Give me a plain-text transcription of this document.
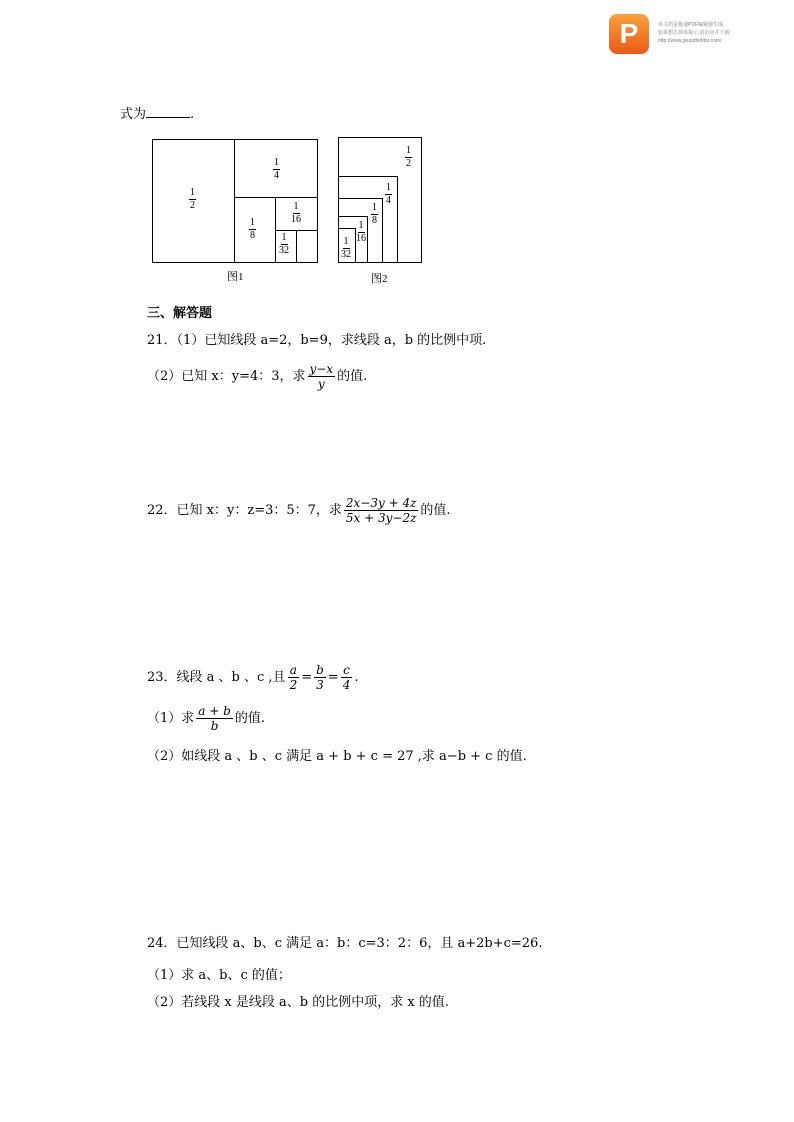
P	该文档是极速PDF编辑器生成,
如果想去掉该提示,请访问并下载:
http://www.jisupdfeditor.com/
式为	.
1
2
1
4
1
8
1
16
1
32
图1
1
2
1
4
1
8
1
16
1
32
图2
三、解答题
21．（1）已知线段 a=2，b=9，求线段 a，b 的比例中项.
（2）已知 x：y=4：3，求 $\frac{y-x}{y}$ 的值.
22．已知 x：y：z=3：5：7，求 $\frac{2x-3y + 4z}{5x + 3y-2z}$ 的值.
23．线段 a 、b 、c ,且 $\frac{a}{2} = \frac{b}{3} = \frac{c}{4}$ .
（1）求 $\frac{a + b}{b}$ 的值.
（2）如线段 a 、b 、c 满足 a + b + c = 27 ,求 a−b + c 的值.
24．已知线段 a、b、c 满足 a：b：c=3：2：6，且 a+2b+c=26.
（1）求 a、b、c 的值；
（2）若线段 x 是线段 a、b 的比例中项，求 x 的值.
